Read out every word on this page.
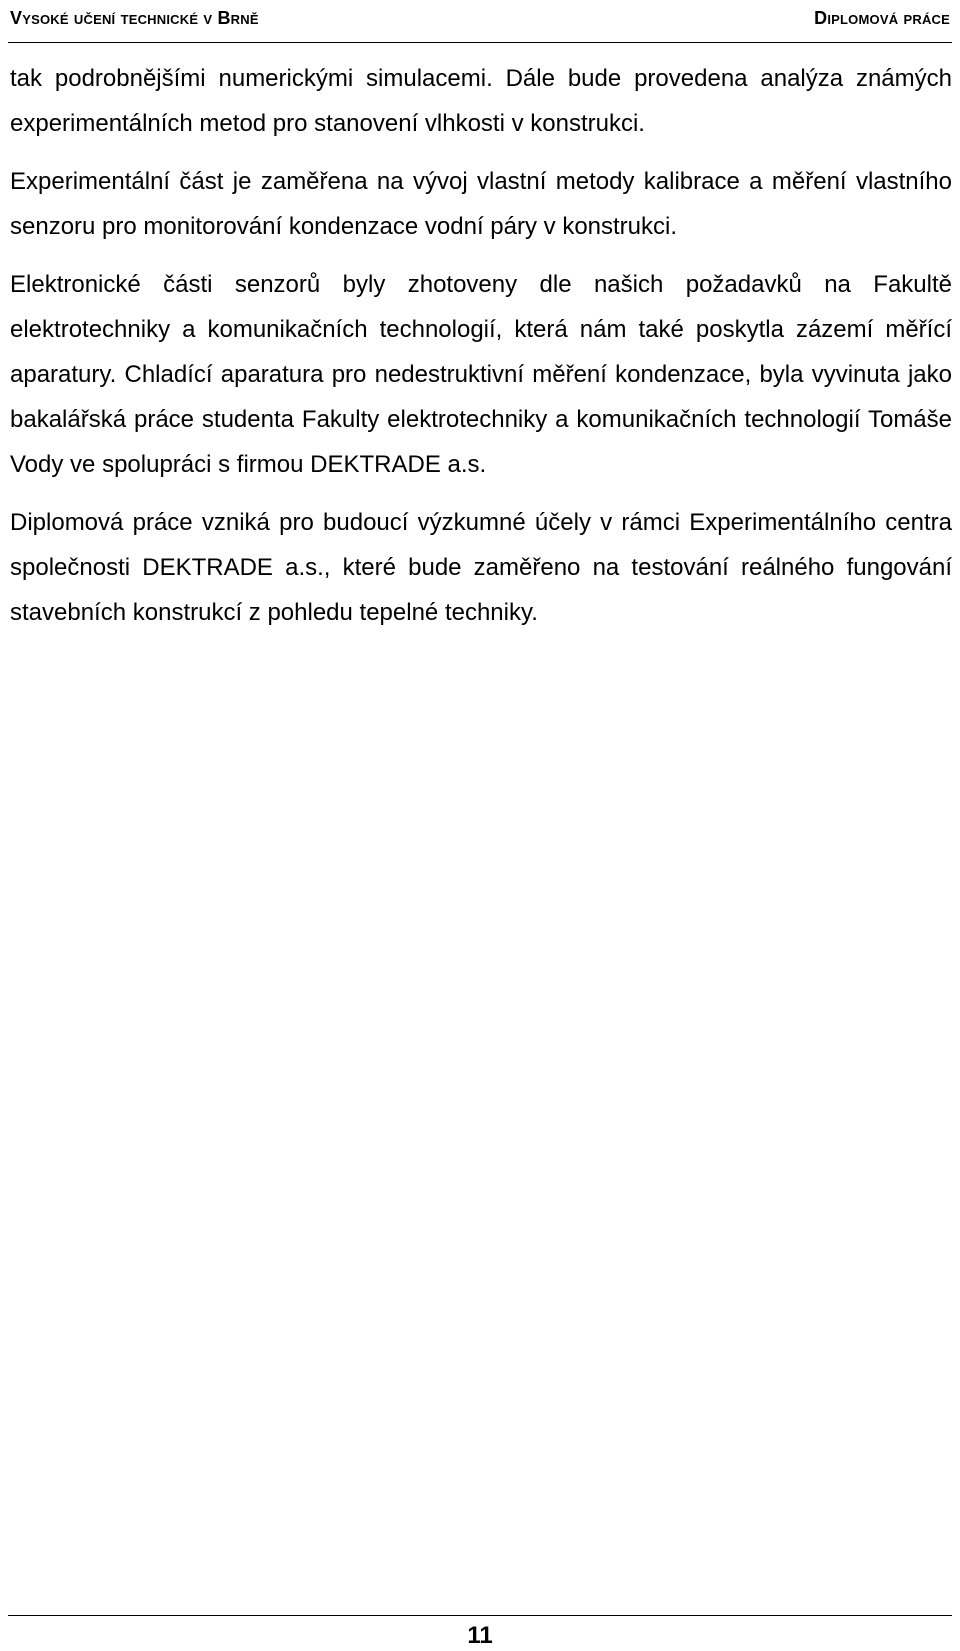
Vysoké učení technické v Brně	Diplomová práce

tak podrobnějšími numerickými simulacemi. Dále bude provedena analýza známých experimentálních metod pro stanovení vlhkosti v konstrukci.

Experimentální část je zaměřena na vývoj vlastní metody kalibrace a měření vlastního senzoru pro monitorování kondenzace vodní páry v konstrukci.

Elektronické části senzorů byly zhotoveny dle našich požadavků na Fakultě elektrotechniky a komunikačních technologií, která nám také poskytla zázemí měřící aparatury. Chladící aparatura pro nedestruktivní měření kondenzace, byla vyvinuta jako bakalářská práce studenta Fakulty elektrotechniky a komunikačních technologií Tomáše Vody ve spolupráci s firmou DEKTRADE a.s.

Diplomová práce vzniká pro budoucí výzkumné účely v rámci Experimentálního centra společnosti DEKTRADE a.s., které bude zaměřeno na testování reálného fungování stavebních konstrukcí z pohledu tepelné techniky.

11
